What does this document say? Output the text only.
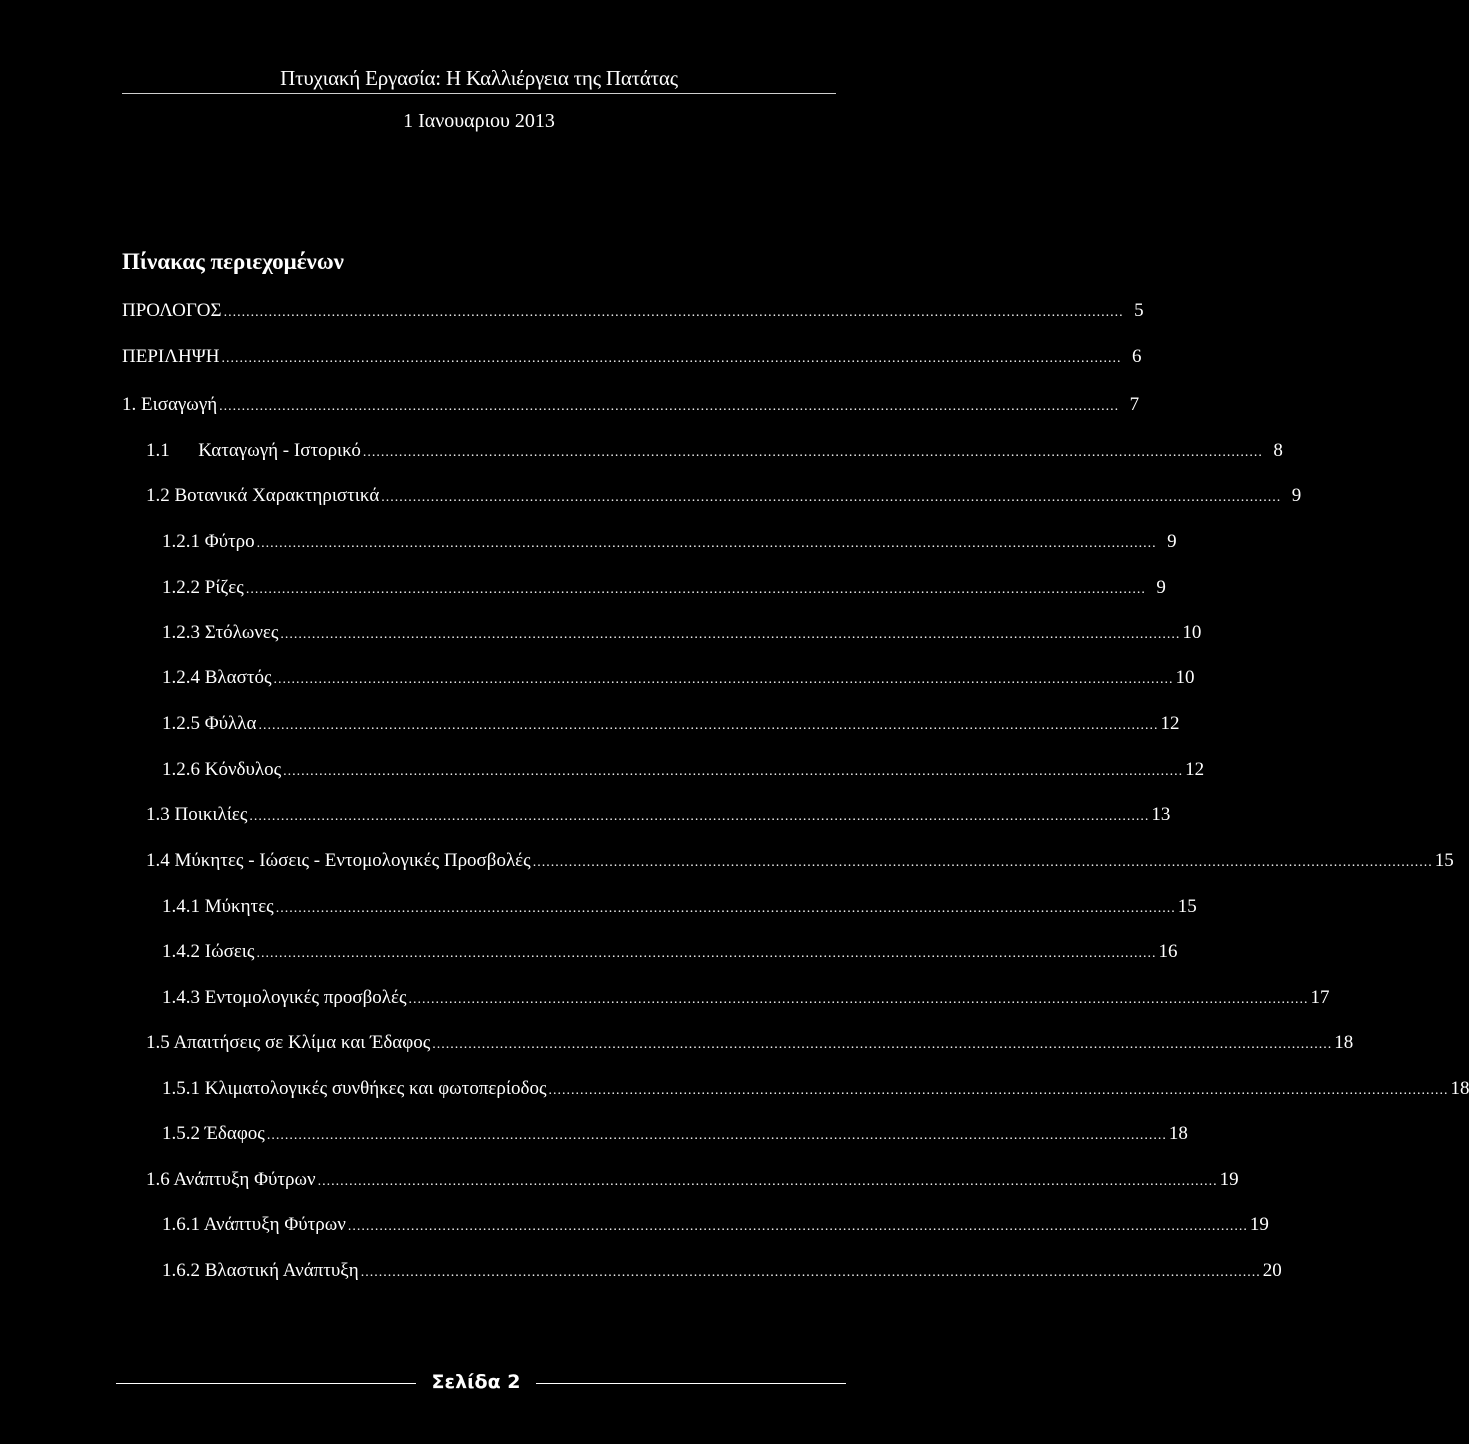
Πτυχιακή Εργασία: Η Καλλιέργεια της Πατάτας
1 Ιανουαριου 2013
Πίνακας περιεχομένων
ΠΡΟΛΟΓΟΣ ........................................................................................................................................................................................................ 5
ΠΕΡΙΛΗΨΗ ........................................................................................................................................................................................................ 6
1. Εισαγωγή ........................................................................................................................................................................................................ 7
1.1      Καταγωγή - Ιστορικό ........................................................................................................................................................................................................ 8
1.2 Βοτανικά Χαρακτηριστικά ........................................................................................................................................................................................................ 9
1.2.1 Φύτρο ........................................................................................................................................................................................................ 9
1.2.2 Ρίζες ........................................................................................................................................................................................................ 9
1.2.3 Στόλωνες ........................................................................................................................................................................................................ 10
1.2.4 Βλαστός ........................................................................................................................................................................................................ 10
1.2.5 Φύλλα ........................................................................................................................................................................................................ 12
1.2.6 Κόνδυλος ........................................................................................................................................................................................................ 12
1.3 Ποικιλίες ........................................................................................................................................................................................................ 13
1.4 Μύκητες - Ιώσεις - Εντομολογικές Προσβολές ........................................................................................................................................................................................................ 15
1.4.1 Μύκητες ........................................................................................................................................................................................................ 15
1.4.2 Ιώσεις ........................................................................................................................................................................................................ 16
1.4.3 Εντομολογικές προσβολές ........................................................................................................................................................................................................ 17
1.5 Απαιτήσεις σε Κλίμα και Έδαφος ........................................................................................................................................................................................................ 18
1.5.1 Κλιματολογικές συνθήκες και φωτοπερίοδος ........................................................................................................................................................................................................ 18
1.5.2 Έδαφος ........................................................................................................................................................................................................ 18
1.6 Ανάπτυξη Φύτρων ........................................................................................................................................................................................................ 19
1.6.1 Ανάπτυξη Φύτρων ........................................................................................................................................................................................................ 19
1.6.2 Βλαστική Ανάπτυξη ........................................................................................................................................................................................................ 20
Σελίδα 2
